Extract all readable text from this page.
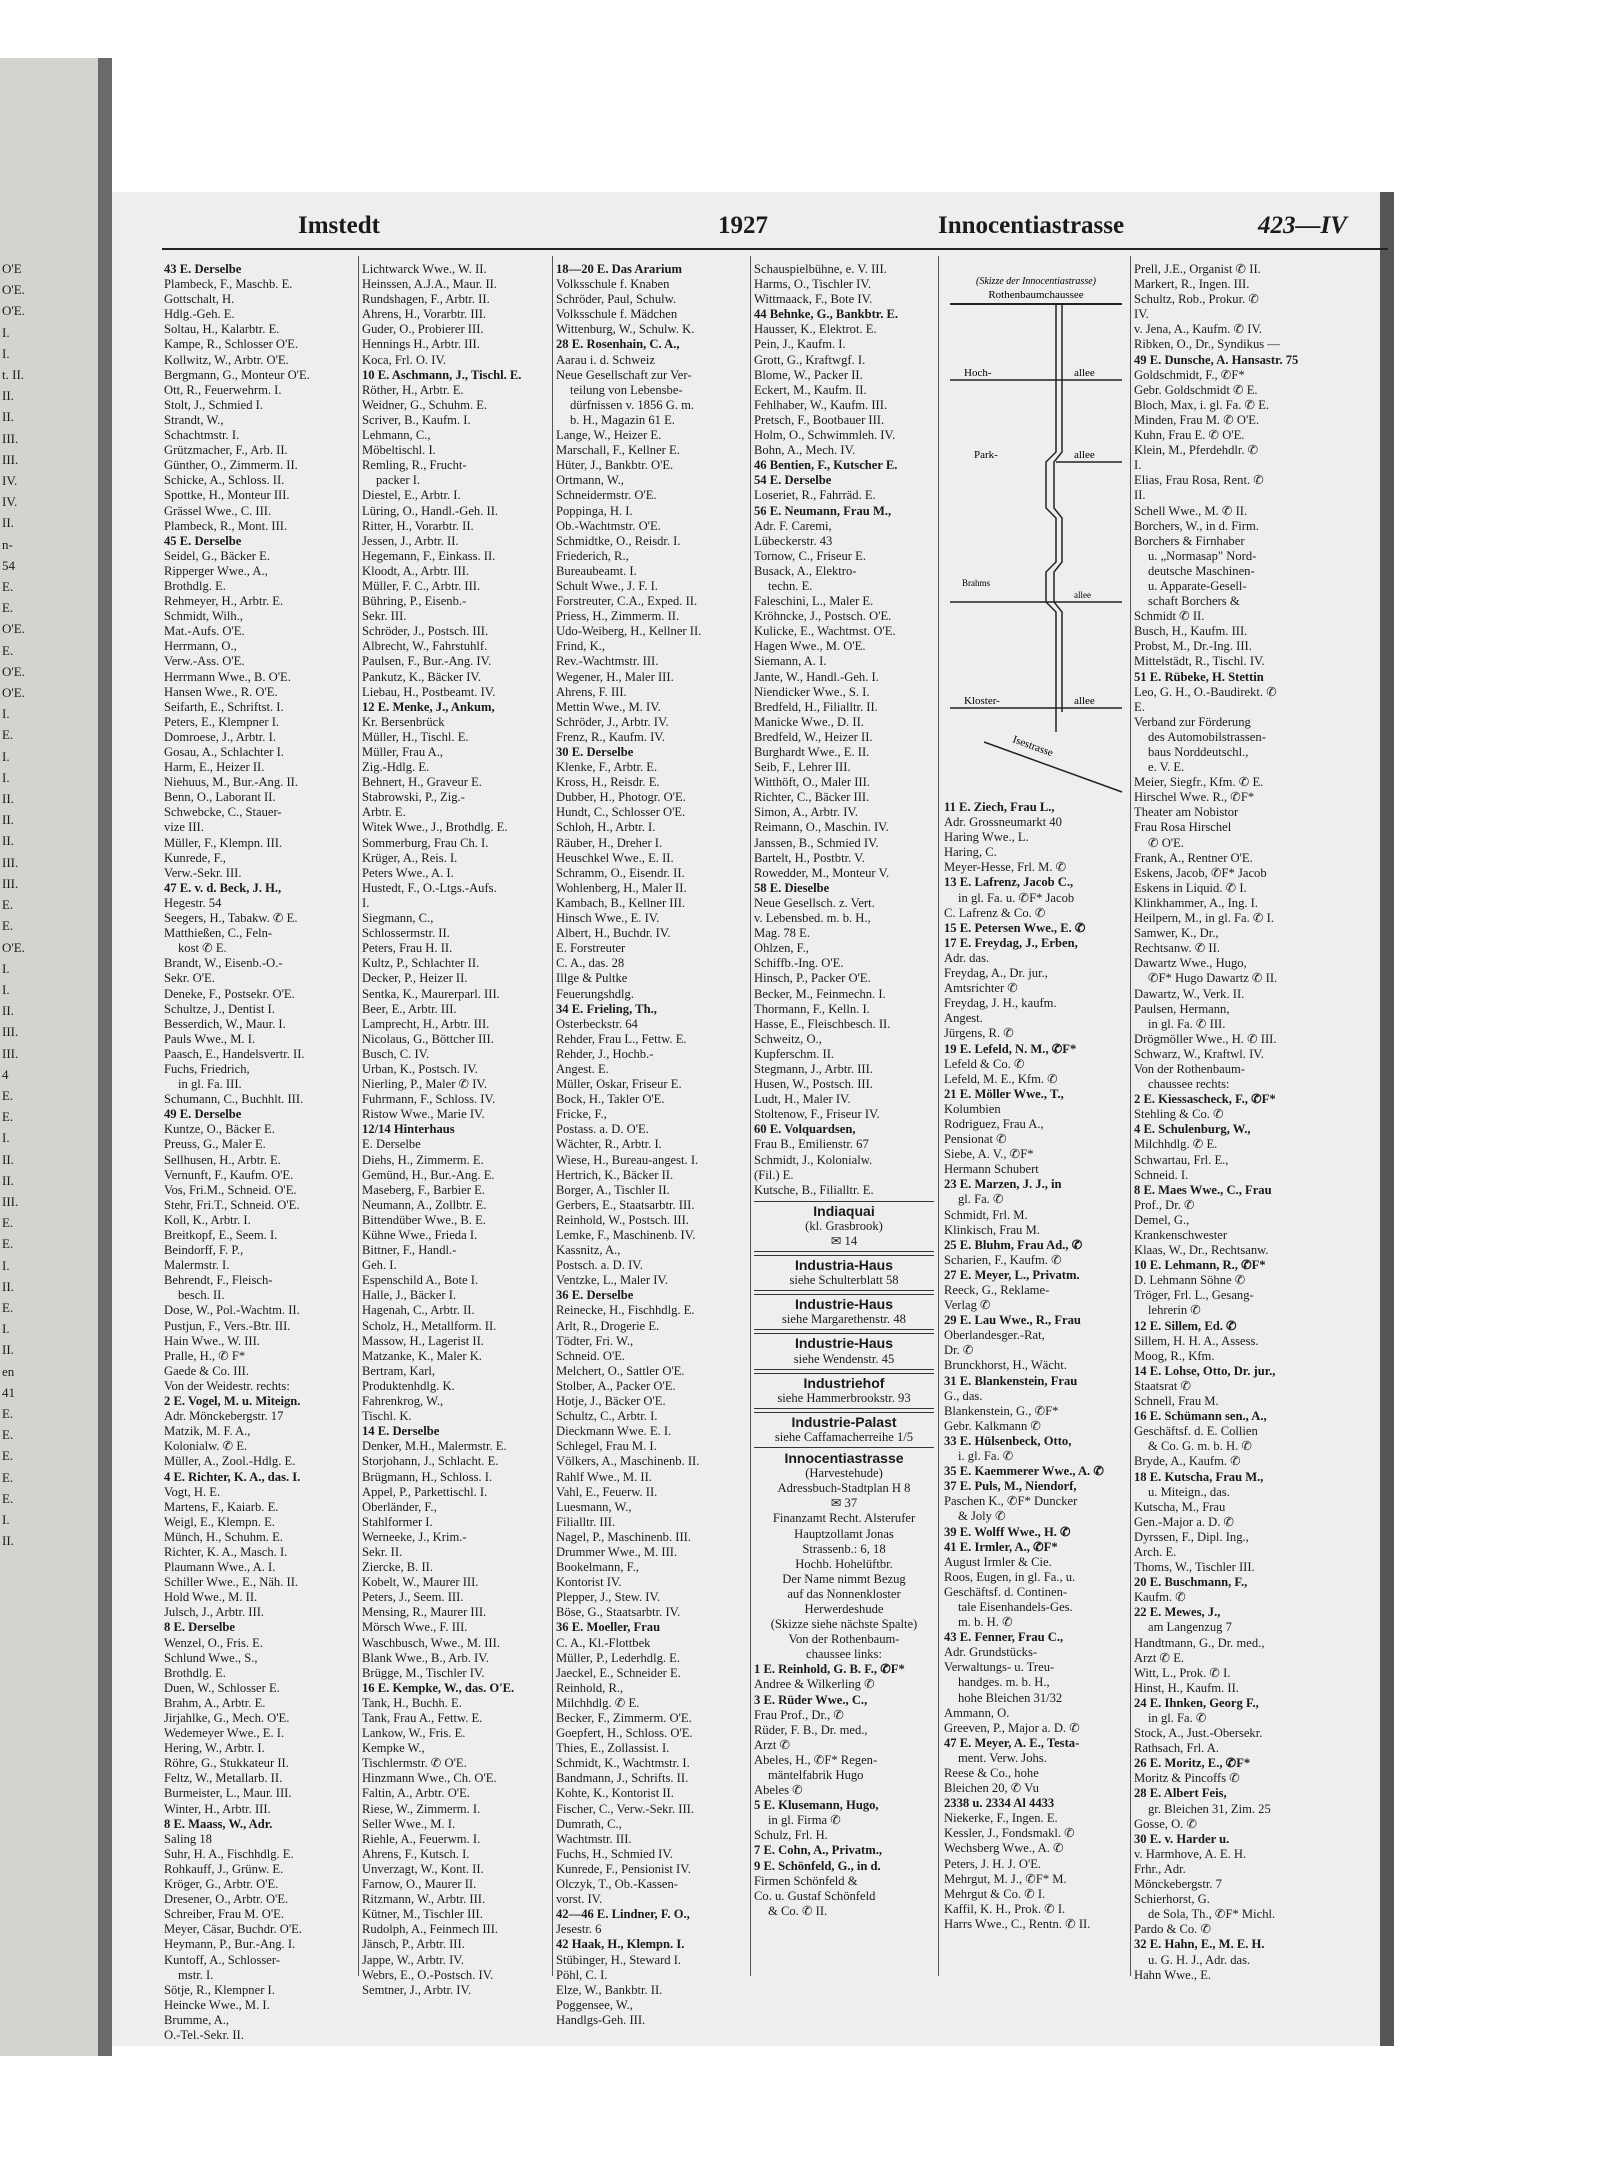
O'E
O'E.
O'E.
I.
I.
t. II.
II.
II.
III.
III.
IV.
IV.
II.
n-
54
E.
E.
O'E.
E.
O'E.
O'E.
I.
E.
I.
I.
II.
II.
II.
III.
III.
E.
E.
O'E.
I.
I.
II.
III.
III.
4
E.
E.
I.
II.
II.
III.
E.
E.
I.
II.
E.
I.
II.
en
41
E.
E.
E.
E.
E.
I.
II.
Imstedt	1927	Innocentiastrasse	423—IV
43 E. Derselbe
Plambeck, F., Maschb. E.
Gottschalt, H.
Hdlg.-Geh. E.
Soltau, H., Kalarbtr. E.
Kampe, R., Schlosser O'E.
Kollwitz, W., Arbtr. O'E.
Bergmann, G., Monteur O'E.
Ott, R., Feuerwehrm. I.
Stolt, J., Schmied I.
Strandt, W.,
Schachtmstr. I.
Grützmacher, F., Arb. II.
Günther, O., Zimmerm. II.
Schicke, A., Schloss. II.
Spottke, H., Monteur III.
Grässel Wwe., C. III.
Plambeck, R., Mont. III.
45 E. Derselbe
Seidel, G., Bäcker E.
Ripperger Wwe., A.,
Brothdlg. E.
Rehmeyer, H., Arbtr. E.
Schmidt, Wilh.,
Mat.-Aufs. O'E.
Herrmann, O.,
Verw.-Ass. O'E.
Herrmann Wwe., B. O'E.
Hansen Wwe., R. O'E.
Seifarth, E., Schriftst. I.
Peters, E., Klempner I.
Domroese, J., Arbtr. I.
Gosau, A., Schlachter I.
Harm, E., Heizer II.
Niehuus, M., Bur.-Ang. II.
Benn, O., Laborant II.
Schwebcke, C., Stauer-
vize III.
Müller, F., Klempn. III.
Kunrede, F.,
Verw.-Sekr. III.
47 E. v. d. Beck, J. H.,
Hegestr. 54
Seegers, H., Tabakw. ✆ E.
Matthießen, C., Feln-
kost ✆ E.
Brandt, W., Eisenb.-O.-
Sekr. O'E.
Deneke, F., Postsekr. O'E.
Schultze, J., Dentist I.
Besserdich, W., Maur. I.
Pauls Wwe., M. I.
Paasch, E., Handelsvertr. II.
Fuchs, Friedrich,
in gl. Fa. III.
Schumann, C., Buchhlt. III.
49 E. Derselbe
Kuntze, O., Bäcker E.
Preuss, G., Maler E.
Sellhusen, H., Arbtr. E.
Vernunft, F., Kaufm. O'E.
Vos, Fri.M., Schneid. O'E.
Stehr, Fri.T., Schneid. O'E.
Koll, K., Arbtr. I.
Breitkopf, E., Seem. I.
Beindorff, F. P.,
Malermstr. I.
Behrendt, F., Fleisch-
besch. II.
Dose, W., Pol.-Wachtm. II.
Pustjun, F., Vers.-Btr. III.
Hain Wwe., W. III.
Pralle, H., ✆ F*
Gaede & Co. III.
Von der Weidestr. rechts:
2 E. Vogel, M. u. Miteign.
Adr. Mönckebergstr. 17
Matzik, M. F. A.,
Kolonialw. ✆ E.
Müller, A., Zool.-Hdlg. E.
4 E. Richter, K. A., das. I.
Vogt, H. E.
Martens, F., Kaiarb. E.
Weigl, E., Klempn. E.
Münch, H., Schuhm. E.
Richter, K. A., Masch. I.
Plaumann Wwe., A. I.
Schiller Wwe., E., Näh. II.
Hold Wwe., M. II.
Julsch, J., Arbtr. III.
8 E. Derselbe
Wenzel, O., Fris. E.
Schlund Wwe., S.,
Brothdlg. E.
Duen, W., Schlosser E.
Brahm, A., Arbtr. E.
Jirjahlke, G., Mech. O'E.
Wedemeyer Wwe., E. I.
Hering, W., Arbtr. I.
Röhre, G., Stukkateur II.
Feltz, W., Metallarb. II.
Burmeister, L., Maur. III.
Winter, H., Arbtr. III.
8 E. Maass, W., Adr.
Saling 18
Suhr, H. A., Fischhdlg. E.
Rohkauff, J., Grünw. E.
Kröger, G., Arbtr. O'E.
Dresener, O., Arbtr. O'E.
Schreiber, Frau M. O'E.
Meyer, Cäsar, Buchdr. O'E.
Heymann, P., Bur.-Ang. I.
Kuntoff, A., Schlosser-
mstr. I.
Sötje, R., Klempner I.
Heincke Wwe., M. I.
Brumme, A.,
O.-Tel.-Sekr. II.
Lichtwarck Wwe., W. II.
Heinssen, A.J.A., Maur. II.
Rundshagen, F., Arbtr. II.
Ahrens, H., Vorarbtr. III.
Guder, O., Probierer III.
Hennings H., Arbtr. III.
Koca, Frl. O. IV.
10 E. Aschmann, J., Tischl. E.
Röther, H., Arbtr. E.
Weidner, G., Schuhm. E.
Scriver, B., Kaufm. I.
Lehmann, C.,
Möbeltischl. I.
Remling, R., Frucht-
packer I.
Diestel, E., Arbtr. I.
Lüring, O., Handl.-Geh. II.
Ritter, H., Vorarbtr. II.
Jessen, J., Arbtr. II.
Hegemann, F., Einkass. II.
Kloodt, A., Arbtr. III.
Müller, F. C., Arbtr. III.
Bühring, P., Eisenb.-
Sekr. III.
Schröder, J., Postsch. III.
Albrecht, W., Fahrstuhlf.
Paulsen, F., Bur.-Ang. IV.
Pankutz, K., Bäcker IV.
Liebau, H., Postbeamt. IV.
12 E. Menke, J., Ankum,
Kr. Bersenbrück
Müller, H., Tischl. E.
Müller, Frau A.,
Zig.-Hdlg. E.
Behnert, H., Graveur E.
Stabrowski, P., Zig.-
Arbtr. E.
Witek Wwe., J., Brothdlg. E.
Sommerburg, Frau Ch. I.
Krüger, A., Reis. I.
Peters Wwe., A. I.
Hustedt, F., O.-Ltgs.-Aufs.
I.
Siegmann, C.,
Schlossermstr. II.
Peters, Frau H. II.
Kultz, P., Schlachter II.
Decker, P., Heizer II.
Sentka, K., Maurerparl. III.
Beer, E., Arbtr. III.
Lamprecht, H., Arbtr. III.
Nicolaus, G., Böttcher III.
Busch, C. IV.
Urban, K., Postsch. IV.
Nierling, P., Maler ✆ IV.
Fuhrmann, F., Schloss. IV.
Ristow Wwe., Marie IV.
12/14 Hinterhaus
E. Derselbe
Diehs, H., Zimmerm. E.
Gemünd, H., Bur.-Ang. E.
Maseberg, F., Barbier E.
Neumann, A., Zollbtr. E.
Bittendüber Wwe., B. E.
Kühne Wwe., Frieda I.
Bittner, F., Handl.-
Geh. I.
Espenschild A., Bote I.
Halle, J., Bäcker I.
Hagenah, C., Arbtr. II.
Scholz, H., Metallform. II.
Massow, H., Lagerist II.
Matzanke, K., Maler K.
Bertram, Karl,
Produktenhdlg. K.
Fahrenkrog, W.,
Tischl. K.
14 E. Derselbe
Denker, M.H., Malermstr. E.
Storjohann, J., Schlacht. E.
Brügmann, H., Schloss. I.
Appel, P., Parkettischl. I.
Oberländer, F.,
Stahlformer I.
Werneeke, J., Krim.-
Sekr. II.
Ziercke, B. II.
Kobelt, W., Maurer III.
Peters, J., Seem. III.
Mensing, R., Maurer III.
Mörsch Wwe., F. III.
Waschbusch, Wwe., M. III.
Blank Wwe., B., Arb. IV.
Brügge, M., Tischler IV.
16 E. Kempke, W., das. O'E.
Tank, H., Buchh. E.
Tank, Frau A., Fettw. E.
Lankow, W., Fris. E.
Kempke W.,
Tischlermstr. ✆ O'E.
Hinzmann Wwe., Ch. O'E.
Faltin, A., Arbtr. O'E.
Riese, W., Zimmerm. I.
Seller Wwe., M. I.
Riehle, A., Feuerwm. I.
Ahrens, F., Kutsch. I.
Unverzagt, W., Kont. II.
Farnow, O., Maurer II.
Ritzmann, W., Arbtr. III.
Kütner, M., Tischler III.
Rudolph, A., Feinmech III.
Jänsch, P., Arbtr. III.
Jappe, W., Arbtr. IV.
Webrs, E., O.-Postsch. IV.
Semtner, J., Arbtr. IV.
18—20 E. Das Ararium
Volksschule f. Knaben
Schröder, Paul, Schulw.
Volksschule f. Mädchen
Wittenburg, W., Schulw. K.
28 E. Rosenhain, C. A.,
Aarau i. d. Schweiz
Neue Gesellschaft zur Ver-
teilung von Lebensbe-
dürfnissen v. 1856 G. m.
b. H., Magazin 61 E.
Lange, W., Heizer E.
Marschall, F., Kellner E.
Hüter, J., Bankbtr. O'E.
Ortmann, W.,
Schneidermstr. O'E.
Poppinga, H. I.
Ob.-Wachtmstr. O'E.
Schmidtke, O., Reisdr. I.
Friederich, R.,
Bureaubeamt. I.
Schult Wwe., J. F. I.
Forstreuter, C.A., Exped. II.
Priess, H., Zimmerm. II.
Udo-Weiberg, H., Kellner II.
Frind, K.,
Rev.-Wachtmstr. III.
Wegener, H., Maler III.
Ahrens, F. III.
Mettin Wwe., M. IV.
Schröder, J., Arbtr. IV.
Frenz, R., Kaufm. IV.
30 E. Derselbe
Klenke, F., Arbtr. E.
Kross, H., Reisdr. E.
Dubber, H., Photogr. O'E.
Hundt, C., Schlosser O'E.
Schloh, H., Arbtr. I.
Räuber, H., Dreher I.
Heuschkel Wwe., E. II.
Schramm, O., Eisendr. II.
Wohlenberg, H., Maler II.
Kambach, B., Kellner III.
Hinsch Wwe., E. IV.
Albert, H., Buchdr. IV.
E. Forstreuter
C. A., das. 28
Illge & Pultke
Feuerungshdlg.
34 E. Frieling, Th.,
Osterbeckstr. 64
Rehder, Frau L., Fettw. E.
Rehder, J., Hochb.-
Angest. E.
Müller, Oskar, Friseur E.
Bock, H., Takler O'E.
Fricke, F.,
Postass. a. D. O'E.
Wächter, R., Arbtr. I.
Wiese, H., Bureau-angest. I.
Hertrich, K., Bäcker II.
Borger, A., Tischler II.
Gerbers, E., Staatsarbtr. III.
Reinhold, W., Postsch. III.
Lemke, F., Maschinenb. IV.
Kassnitz, A.,
Postsch. a. D. IV.
Ventzke, L., Maler IV.
36 E. Derselbe
Reinecke, H., Fischhdlg. E.
Arlt, R., Drogerie E.
Tödter, Fri. W.,
Schneid. O'E.
Melchert, O., Sattler O'E.
Stolber, A., Packer O'E.
Hotje, J., Bäcker O'E.
Schultz, C., Arbtr. I.
Dieckmann Wwe. E. I.
Schlegel, Frau M. I.
Völkers, A., Maschinenb. II.
Rahlf Wwe., M. II.
Vahl, E., Feuerw. II.
Luesmann, W.,
Filialltr. III.
Nagel, P., Maschinenb. III.
Drummer Wwe., M. III.
Bookelmann, F.,
Kontorist IV.
Plepper, J., Stew. IV.
Böse, G., Staatsarbtr. IV.
36 E. Moeller, Frau
C. A., Kl.-Flottbek
Müller, P., Lederhdlg. E.
Jaeckel, E., Schneider E.
Reinhold, R.,
Milchhdlg. ✆ E.
Becker, F., Zimmerm. O'E.
Goepfert, H., Schloss. O'E.
Thies, E., Zollassist. I.
Schmidt, K., Wachtmstr. I.
Bandmann, J., Schrifts. II.
Kohte, K., Kontorist II.
Fischer, C., Verw.-Sekr. III.
Dumrath, C.,
Wachtmstr. III.
Fuchs, H., Schmied IV.
Kunrede, F., Pensionist IV.
Olczyk, T., Ob.-Kassen-
vorst. IV.
42—46 E. Lindner, F. O.,
Jesestr. 6
42 Haak, H., Klempn. I.
Stübinger, H., Steward I.
Pöhl, C. I.
Elze, W., Bankbtr. II.
Poggensee, W.,
Handlgs-Geh. III.
Schauspielbühne, e. V. III.
Harms, O., Tischler IV.
Wittmaack, F., Bote IV.
44 Behnke, G., Bankbtr. E.
Hausser, K., Elektrot. E.
Pein, J., Kaufm. I.
Grott, G., Kraftwgf. I.
Blome, W., Packer II.
Eckert, M., Kaufm. II.
Fehlhaber, W., Kaufm. III.
Pretsch, F., Bootbauer III.
Holm, O., Schwimmleh. IV.
Bohn, A., Mech. IV.
46 Bentien, F., Kutscher E.
54 E. Derselbe
Loseriet, R., Fahrräd. E.
56 E. Neumann, Frau M.,
Adr. F. Caremi,
Lübeckerstr. 43
Tornow, C., Friseur E.
Busack, A., Elektro-
techn. E.
Faleschini, L., Maler E.
Kröhncke, J., Postsch. O'E.
Kulicke, E., Wachtmst. O'E.
Hagen Wwe., M. O'E.
Siemann, A. I.
Jante, W., Handl.-Geh. I.
Niendicker Wwe., S. I.
Bredfeld, H., Filialltr. II.
Manicke Wwe., D. II.
Bredfeld, W., Heizer II.
Burghardt Wwe., E. II.
Seib, F., Lehrer III.
Witthöft, O., Maler III.
Richter, C., Bäcker III.
Simon, A., Arbtr. IV.
Reimann, O., Maschin. IV.
Janssen, B., Schmied IV.
Bartelt, H., Postbtr. V.
Rowedder, M., Monteur V.
58 E. Dieselbe
Neue Gesellsch. z. Vert.
v. Lebensbed. m. b. H.,
Mag. 78 E.
Ohlzen, F.,
Schiffb.-Ing. O'E.
Hinsch, P., Packer O'E.
Becker, M., Feinmechn. I.
Thormann, F., Kelln. I.
Hasse, E., Fleischbesch. II.
Schweitz, O.,
Kupferschm. II.
Stegmann, J., Arbtr. III.
Husen, W., Postsch. III.
Ludt, H., Maler IV.
Stoltenow, F., Friseur IV.
60 E. Volquardsen,
Frau B., Emilienstr. 67
Schmidt, J., Kolonialw.
(Fil.) E.
Kutsche, B., Filialltr. E.
Indiaquai
(kl. Grasbrook)
✉ 14
Industria-Haus
siehe Schulterblatt 58
Industrie-Haus
siehe Margarethenstr. 48
Industrie-Haus
siehe Wendenstr. 45
Industriehof
siehe Hammerbrookstr. 93
Industrie-Palast
siehe Caffamacherreihe 1/5
Innocentiastrasse
(Harvestehude)
Adressbuch-Stadtplan H 8
✉ 37
Finanzamt Recht. Alsterufer
Hauptzollamt Jonas
Strassenb.: 6, 18
Hochb. Hohelüftbr.
Der Name nimmt Bezug
auf das Nonnenkloster
Herwerdeshude
(Skizze siehe nächste Spalte)
Von der Rothenbaum-
chaussee links:
1 E. Reinhold, G. B. F., ✆F*
Andree & Wilkerling ✆
3 E. Rüder Wwe., C.,
Frau Prof., Dr., ✆
Rüder, F. B., Dr. med.,
Arzt ✆
Abeles, H., ✆F* Regen-
mäntelfabrik Hugo
Abeles ✆
5 E. Klusemann, Hugo,
in gl. Firma ✆
Schulz, Frl. H.
7 E. Cohn, A., Privatm.,
9 E. Schönfeld, G., in d.
Firmen Schönfeld &
Co. u. Gustaf Schönfeld
& Co. ✆ II.
11 E. Ziech, Frau L.,
Adr. Grossneumarkt 40
Haring Wwe., L.
Haring, C.
Meyer-Hesse, Frl. M. ✆
13 E. Lafrenz, Jacob C.,
in gl. Fa. u. ✆F* Jacob
C. Lafrenz & Co. ✆
15 E. Petersen Wwe., E. ✆
17 E. Freydag, J., Erben,
Adr. das.
Freydag, A., Dr. jur.,
Amtsrichter ✆
Freydag, J. H., kaufm.
Angest.
Jürgens, R. ✆
19 E. Lefeld, N. M., ✆F*
Lefeld & Co. ✆
Lefeld, M. E., Kfm. ✆
21 E. Möller Wwe., T.,
Kolumbien
Rodriguez, Frau A.,
Pensionat ✆
Siebe, A. V., ✆F*
Hermann Schubert
23 E. Marzen, J. J., in
gl. Fa. ✆
Schmidt, Frl. M.
Klinkisch, Frau M.
25 E. Bluhm, Frau Ad., ✆
Scharien, F., Kaufm. ✆
27 E. Meyer, L., Privatm.
Reeck, G., Reklame-
Verlag ✆
29 E. Lau Wwe., R., Frau
Oberlandesger.-Rat,
Dr. ✆
Brunckhorst, H., Wächt.
31 E. Blankenstein, Frau
G., das.
Blankenstein, G., ✆F*
Gebr. Kalkmann ✆
33 E. Hülsenbeck, Otto,
i. gl. Fa. ✆
35 E. Kaemmerer Wwe., A. ✆
37 E. Puls, M., Niendorf,
Paschen K., ✆F* Duncker
& Joly ✆
39 E. Wolff Wwe., H. ✆
41 E. Irmler, A., ✆F*
August Irmler & Cie.
Roos, Eugen, in gl. Fa., u.
Geschäftsf. d. Continen-
tale Eisenhandels-Ges.
m. b. H. ✆
43 E. Fenner, Frau C.,
Adr. Grundstücks-
Verwaltungs- u. Treu-
handges. m. b. H.,
hohe Bleichen 31/32
Ammann, O.
Greeven, P., Major a. D. ✆
47 E. Meyer, A. E., Testa-
ment. Verw. Johs.
Reese & Co., hohe
Bleichen 20, ✆ Vu
2338 u. 2334 Al 4433
Niekerke, F., Ingen. E.
Kessler, J., Fondsmakl. ✆
Wechsberg Wwe., A. ✆
Peters, J. H. J. O'E.
Mehrgut, M. J., ✆F* M.
Mehrgut & Co. ✆ I.
Kaffil, K. H., Prok. ✆ I.
Harrs Wwe., C., Rentn. ✆ II.
Prell, J.E., Organist ✆ II.
Markert, R., Ingen. III.
Schultz, Rob., Prokur. ✆
IV.
v. Jena, A., Kaufm. ✆ IV.
Ribken, O., Dr., Syndikus —
49 E. Dunsche, A. Hansastr. 75
Goldschmidt, F., ✆F*
Gebr. Goldschmidt ✆ E.
Bloch, Max, i. gl. Fa. ✆ E.
Minden, Frau M. ✆ O'E.
Kuhn, Frau E. ✆ O'E.
Klein, M., Pferdehdlr. ✆
I.
Elias, Frau Rosa, Rent. ✆
II.
Schell Wwe., M. ✆ II.
Borchers, W., in d. Firm.
Borchers & Firnhaber
u. „Normasap" Nord-
deutsche Maschinen-
u. Apparate-Gesell-
schaft Borchers &
Schmidt ✆ II.
Busch, H., Kaufm. III.
Probst, M., Dr.-Ing. III.
Mittelstädt, R., Tischl. IV.
51 E. Rübeke, H. Stettin
Leo, G. H., O.-Baudirekt. ✆
E.
Verband zur Förderung
des Automobilstrassen-
baus Norddeutschl.,
e. V. E.
Meier, Siegfr., Kfm. ✆ E.
Hirschel Wwe. R., ✆F*
Theater am Nobistor
Frau Rosa Hirschel
✆ O'E.
Frank, A., Rentner O'E.
Eskens, Jacob, ✆F* Jacob
Eskens in Liquid. ✆ I.
Klinkhammer, A., Ing. I.
Heilpern, M., in gl. Fa. ✆ I.
Samwer, K., Dr.,
Rechtsanw. ✆ II.
Dawartz Wwe., Hugo,
✆F* Hugo Dawartz ✆ II.
Dawartz, W., Verk. II.
Paulsen, Hermann,
in gl. Fa. ✆ III.
Drögmöller Wwe., H. ✆ III.
Schwarz, W., Kraftwl. IV.
Von der Rothenbaum-
chaussee rechts:
2 E. Kiessascheck, F., ✆F*
Stehling & Co. ✆
4 E. Schulenburg, W.,
Milchhdlg. ✆ E.
Schwartau, Frl. E.,
Schneid. I.
8 E. Maes Wwe., C., Frau
Prof., Dr. ✆
Demel, G.,
Krankenschwester
Klaas, W., Dr., Rechtsanw.
10 E. Lehmann, R., ✆F*
D. Lehmann Söhne ✆
Tröger, Frl. L., Gesang-
lehrerin ✆
12 E. Sillem, Ed. ✆
Sillem, H. H. A., Assess.
Moog, R., Kfm.
14 E. Lohse, Otto, Dr. jur.,
Staatsrat ✆
Schnell, Frau M.
16 E. Schümann sen., A.,
Geschäftsf. d. E. Collien
& Co. G. m. b. H. ✆
Bryde, A., Kaufm. ✆
18 E. Kutscha, Frau M.,
u. Miteign., das.
Kutscha, M., Frau
Gen.-Major a. D. ✆
Dyrssen, F., Dipl. Ing.,
Arch. E.
Thoms, W., Tischler III.
20 E. Buschmann, F.,
Kaufm. ✆
22 E. Mewes, J.,
am Langenzug 7
Handtmann, G., Dr. med.,
Arzt ✆ E.
Witt, L., Prok. ✆ I.
Hinst, H., Kaufm. II.
24 E. Ihnken, Georg F.,
in gl. Fa. ✆
Stock, A., Just.-Obersekr.
Rathsach, Frl. A.
26 E. Moritz, E., ✆F*
Moritz & Pincoffs ✆
28 E. Albert Feis,
gr. Bleichen 31, Zim. 25
Gosse, O. ✆
30 E. v. Harder u.
v. Harmhove, A. E. H.
Frhr., Adr.
Mönckebergstr. 7
Schierhorst, G.
de Sola, Th., ✆F* Michl.
Pardo & Co. ✆
32 E. Hahn, E., M. E. H.
u. G. H. J., Adr. das.
Hahn Wwe., E.
(Skizze der Innocentiastrasse)
Rothenbaumchaussee
Hoch-	allee
Park-	allee
Brahms
allee
Kloster-	allee
Isestrasse
